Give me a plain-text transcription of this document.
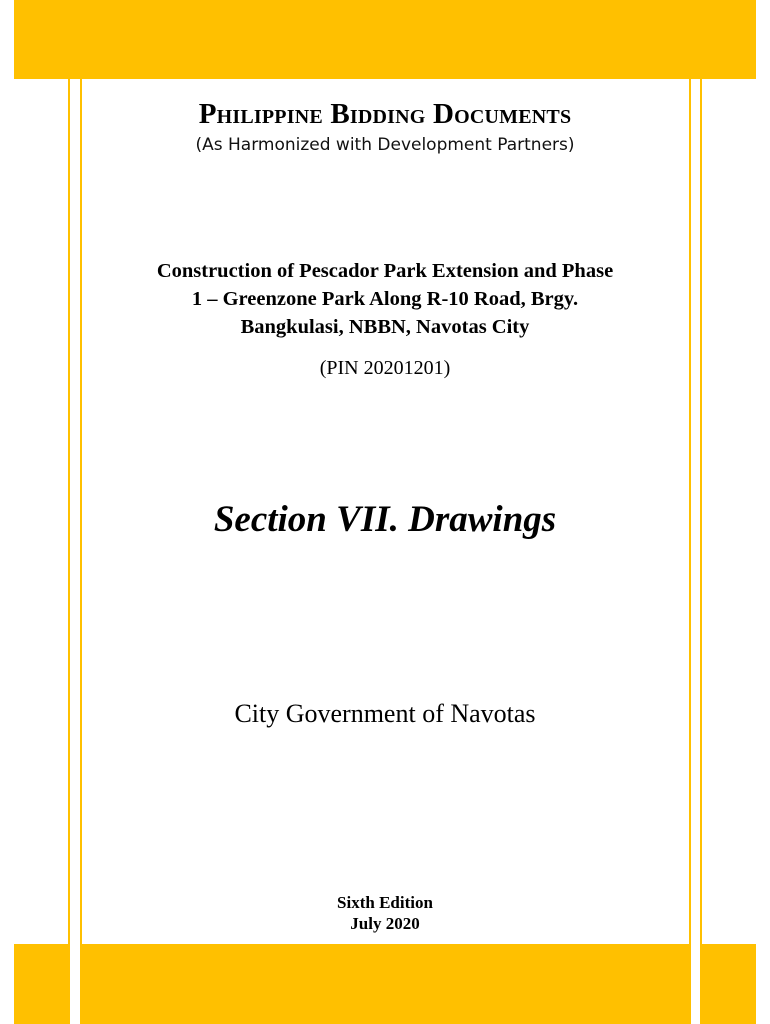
Philippine Bidding Documents
(As Harmonized with Development Partners)
Construction of Pescador Park Extension and Phase
1 – Greenzone Park Along R-10 Road, Brgy.
Bangkulasi, NBBN, Navotas City
(PIN 20201201)
Section VII. Drawings
City Government of Navotas
Sixth Edition
July 2020
